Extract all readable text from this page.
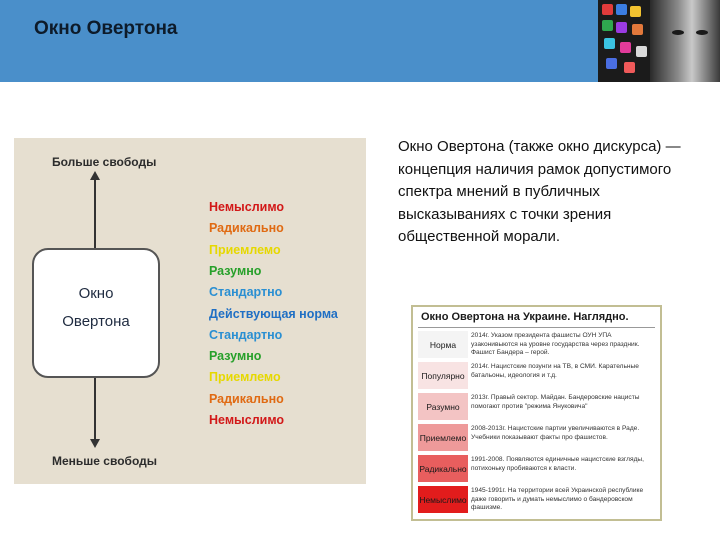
Окно Овертона
Больше свободы
Меньше свободы
Окно
Овертона
Немыслимо
Радикально
Приемлемо
Разумно
Стандартно
Действующая норма
Стандартно
Разумно
Приемлемо
Радикально
Немыслимо
Окно Овертона (также окно дискурса) — концепция наличия рамок допустимого спектра мнений в публичных высказываниях с точки зрения общественной морали.
Окно Овертона на Украине. Наглядно.
Норма
2014г. Указом президента фашисты ОУН УПА узаконивыются на уровне государства через праздник. Фашист Бандера – герой.
Популярно
2014г. Нацистские позунги на ТВ, в СМИ. Карательные батальоны, идеология и т.д.
Разумно
2013г. Правый сектор. Майдан. Бандеровские нацисты помогают против "режима Януковича"
Приемлемо
2008-2013г. Нацистские партии увеличиваются в Раде. Учебники показывают факты про фашистов.
Радикально
1991-2008. Появляются единичные нацистские взгляды, потихоньку пробиваются к власти.
Немыслимо
1945-1991г. На территории всей Украинской республике даже говорить и думать немыслимо о бандеровском фашизме.
